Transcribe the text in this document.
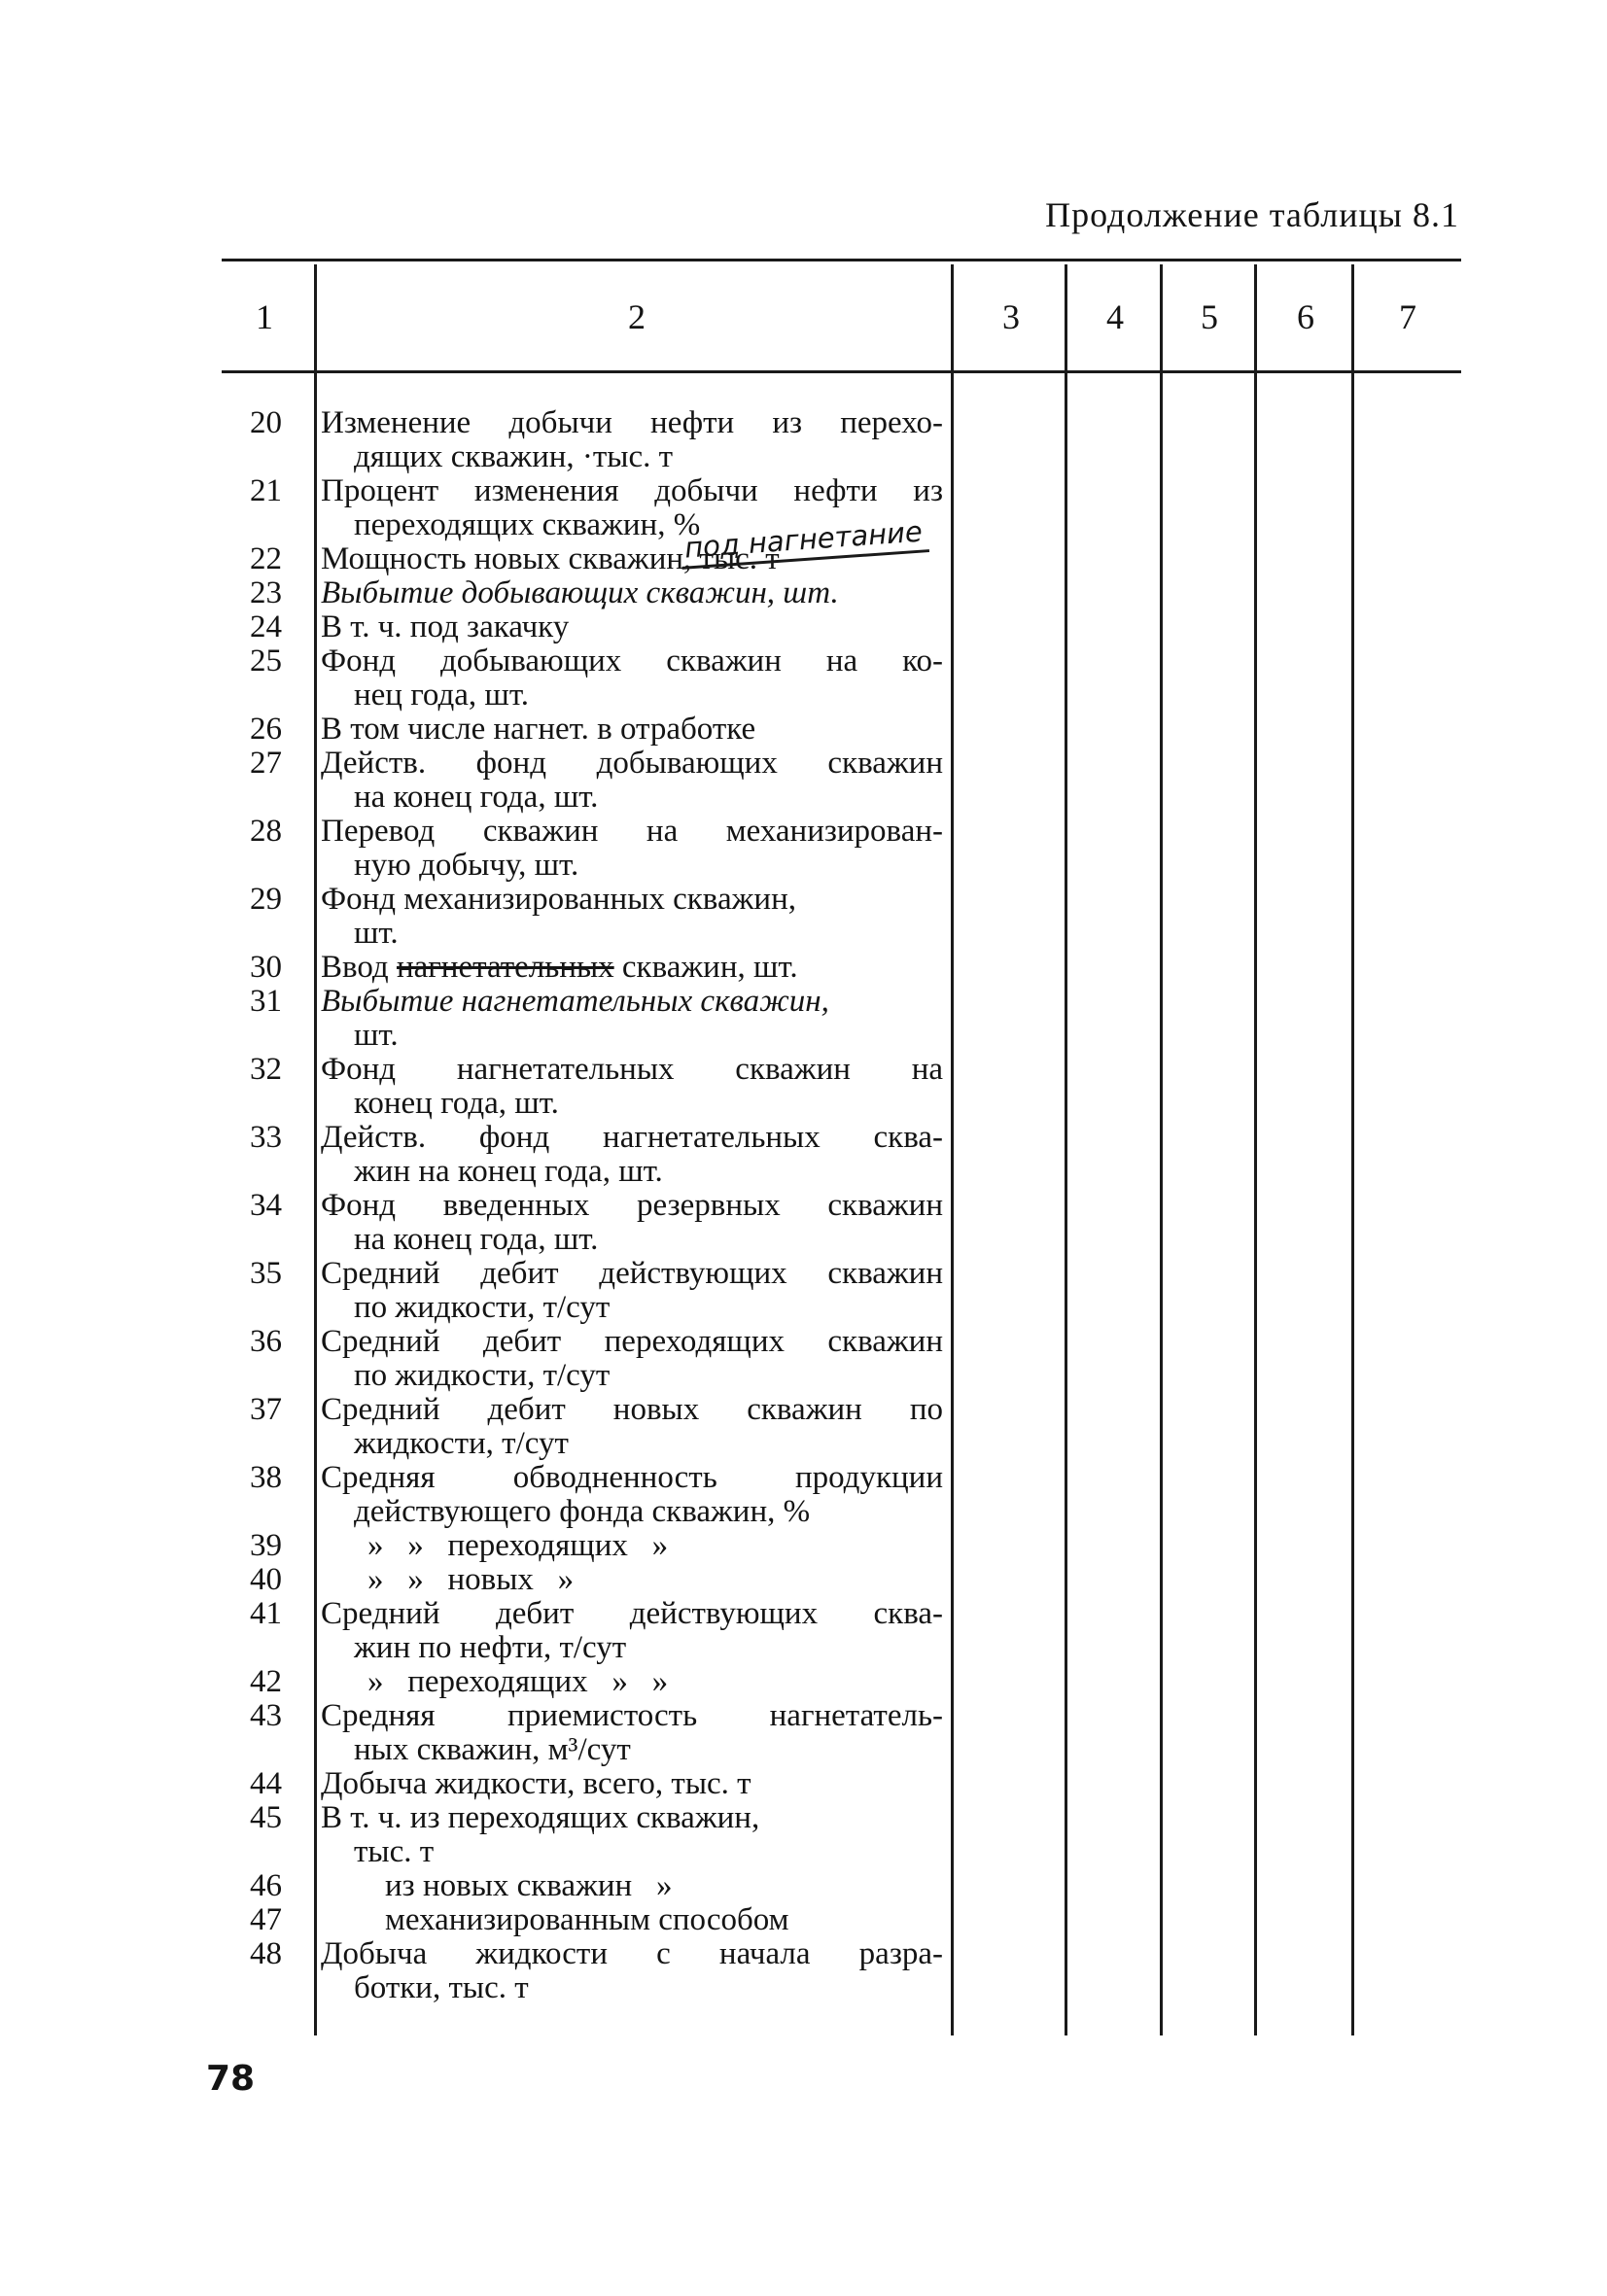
Продолжение таблицы 8.1
1	2	3	4	5	6	7
20 Изменение добычи нефти из перехо-
дящих скважин, ·тыс. т
21 Процент изменения добычи нефти из
переходящих скважин, %
22 Мощность новых скважин, тыс. т
23 Выбытие добывающих скважин, шт.
24 В т. ч. под закачку
25 Фонд добывающих скважин на ко-
нец года, шт.
26 В том числе нагнет. в отработке
27 Действ. фонд добывающих скважин
на конец года, шт.
28 Перевод скважин на механизирован-
ную добычу, шт.
29 Фонд механизированных скважин,
шт.
30 Ввод нагнетательных скважин, шт.
31 Выбытие нагнетательных скважин,
шт.
32 Фонд нагнетательных скважин на
конец года, шт.
33 Действ. фонд нагнетательных сква-
жин на конец года, шт.
34 Фонд введенных резервных скважин
на конец года, шт.
35 Средний дебит действующих скважин
по жидкости, т/сут
36 Средний дебит переходящих скважин
по жидкости, т/сут
37 Средний дебит новых скважин по
жидкости, т/сут
38 Средняя обводненность продукции
действующего фонда скважин, %
39	»   »   переходящих   »
40	»   »   новых   »
41 Средний дебит действующих сква-
жин по нефти, т/сут
42	»   переходящих   »   »
43 Средняя приемистость нагнетатель-
ных скважин, м³/сут
44 Добыча жидкости, всего, тыс. т
45 В т. ч. из переходящих скважин,
тыс. т
46	из новых скважин   »
47	механизированным способом
48 Добыча жидкости с начала разра-
ботки, тыс. т
под нагнетание
78
